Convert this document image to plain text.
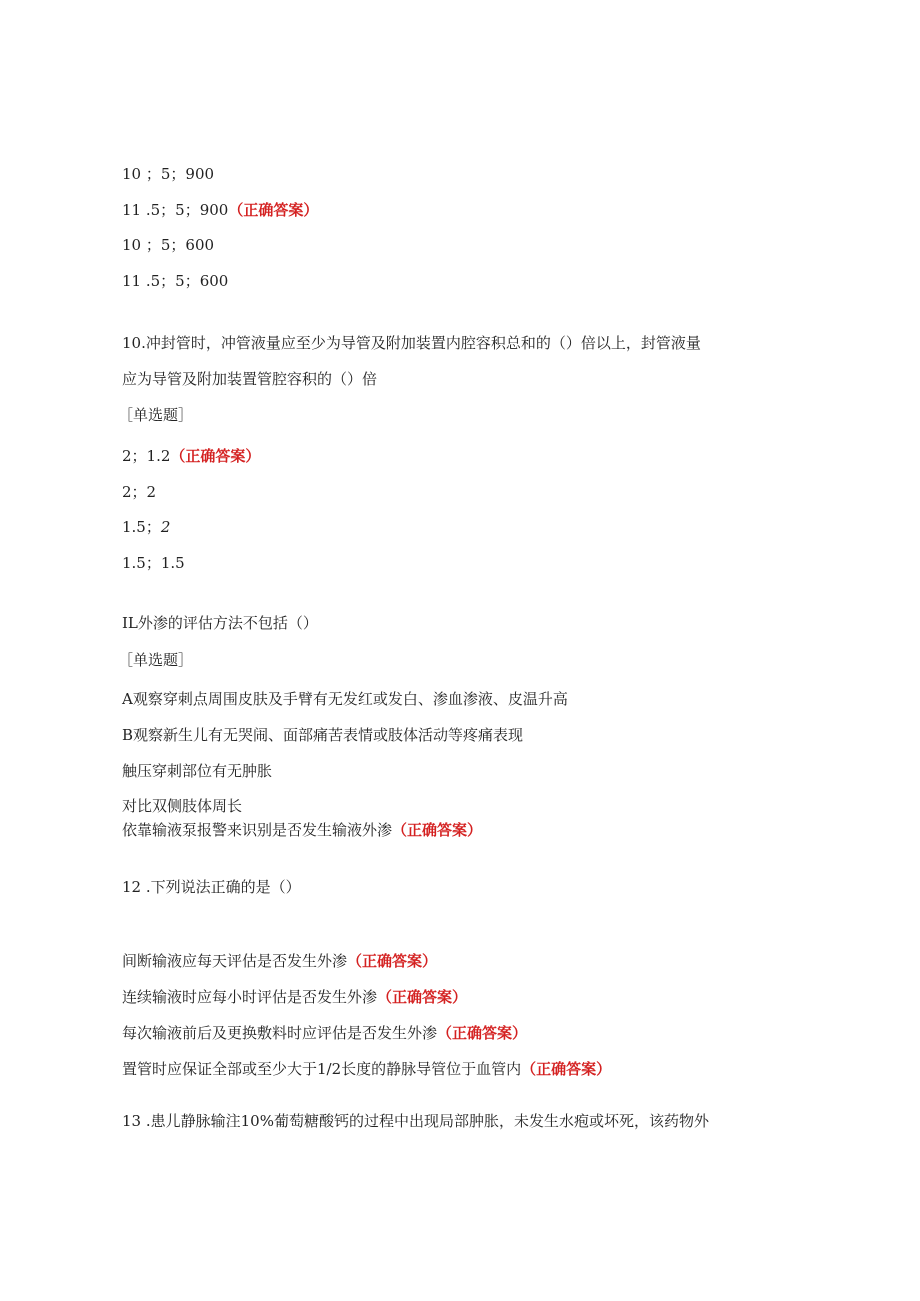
10 ；5；900
11 .5；5；900（正确答案）
10 ；5；600
11 .5；5；600
10.冲封管时，冲管液量应至少为导管及附加装置内腔容积总和的（）倍以上，封管液量
应为导管及附加装置管腔容积的（）倍
［单选题］
2；1.2（正确答案）
2；2
1.5；2
1.5；1.5
IL外渗的评估方法不包括（）
［单选题］
A观察穿刺点周围皮肤及手臂有无发红或发白、渗血渗液、皮温升高
B观察新生儿有无哭闹、面部痛苦表情或肢体活动等疼痛表现
触压穿刺部位有无肿胀
对比双侧肢体周长
依靠输液泵报警来识别是否发生输液外渗（正确答案）
12 .下列说法正确的是（）
间断输液应每天评估是否发生外渗（正确答案）
连续输液时应每小时评估是否发生外渗（正确答案）
每次输液前后及更换敷料时应评估是否发生外渗（正确答案）
置管时应保证全部或至少大于1/2长度的静脉导管位于血管内（正确答案）
13 .患儿静脉输注10%葡萄糖酸钙的过程中出现局部肿胀，未发生水疱或坏死，该药物外
